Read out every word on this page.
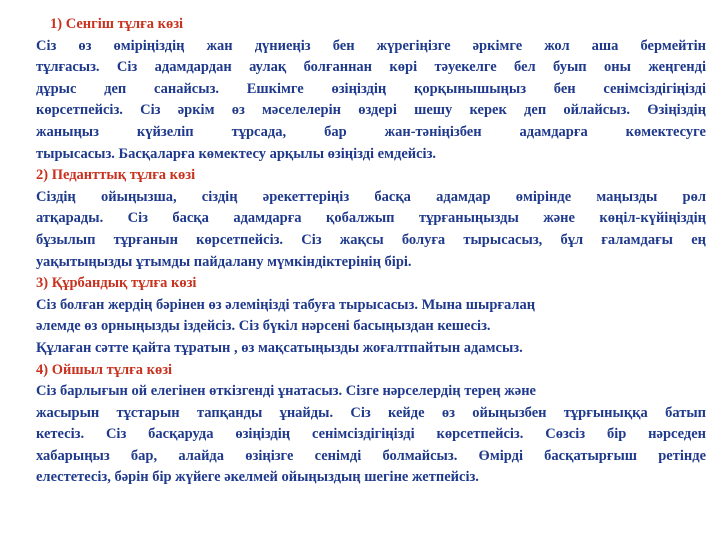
1) Сенгіш тұлға көзі
Сіз өз өміріңіздің жан дүниеңіз бен жүрегіңізге әркімге жол аша бермейтін
тұлғасыз. Сіз адамдардан аулақ болғаннан көрі тәуекелге бел буып оны жеңгенді
дұрыс деп санайсыз. Ешкімге өзіңіздің қорқынышыңыз бен сенімсіздігіңізді
көрсетпейсіз. Сіз әркім өз мәселелерін өздері шешу керек деп ойлайсыз. Өзіңіздің
жаныңыз күйзеліп тұрсада, бар жан-тәніңізбен адамдарға көмектесуге
тырысасыз. Басқаларға көмектесу арқылы өзіңізді емдейсіз.
2) Педанттық тұлға көзі
Сіздің ойыңызша, сіздің әрекеттеріңіз басқа адамдар өмірінде маңызды рөл
атқарады. Сіз басқа адамдарға қобалжып тұрғаныңызды және көңіл-күйіңіздің
бұзылып тұрғанын көрсетпейсіз. Сіз жақсы болуға тырысасыз, бұл ғаламдағы ең
уақытыңызды ұтымды пайдалану мүмкіндіктерінің бірі.
3) Құрбандық тұлға көзі
Сіз болған жердің бәрінен өз әлеміңізді табуға тырысасыз. Мына шырғалаң
әлемде өз орныңызды іздейсіз. Сіз бүкіл нәрсені басыңыздан кешесіз.
Құлаған сәтте қайта тұратын , өз мақсатыңызды жоғалтпайтын адамсыз.
4) Ойшыл тұлға көзі
Сіз барлығын ой елегінен өткізгенді ұнатасыз. Сізге нәрселердің терең және
жасырын тұстарын тапқанды ұнайды. Сіз кейде өз ойыңызбен тұрғыныққа батып
кетесіз. Сіз басқаруда өзіңіздің сенімсіздігіңізді көрсетпейсіз. Сөзсіз бір нәрседен
хабарыңыз бар, алайда өзіңізге сенімді болмайсыз. Өмірді басқатырғыш ретінде
елестетесіз, бәрін бір жүйеге әкелмей ойыңыздың шегіне жетпейсіз.
